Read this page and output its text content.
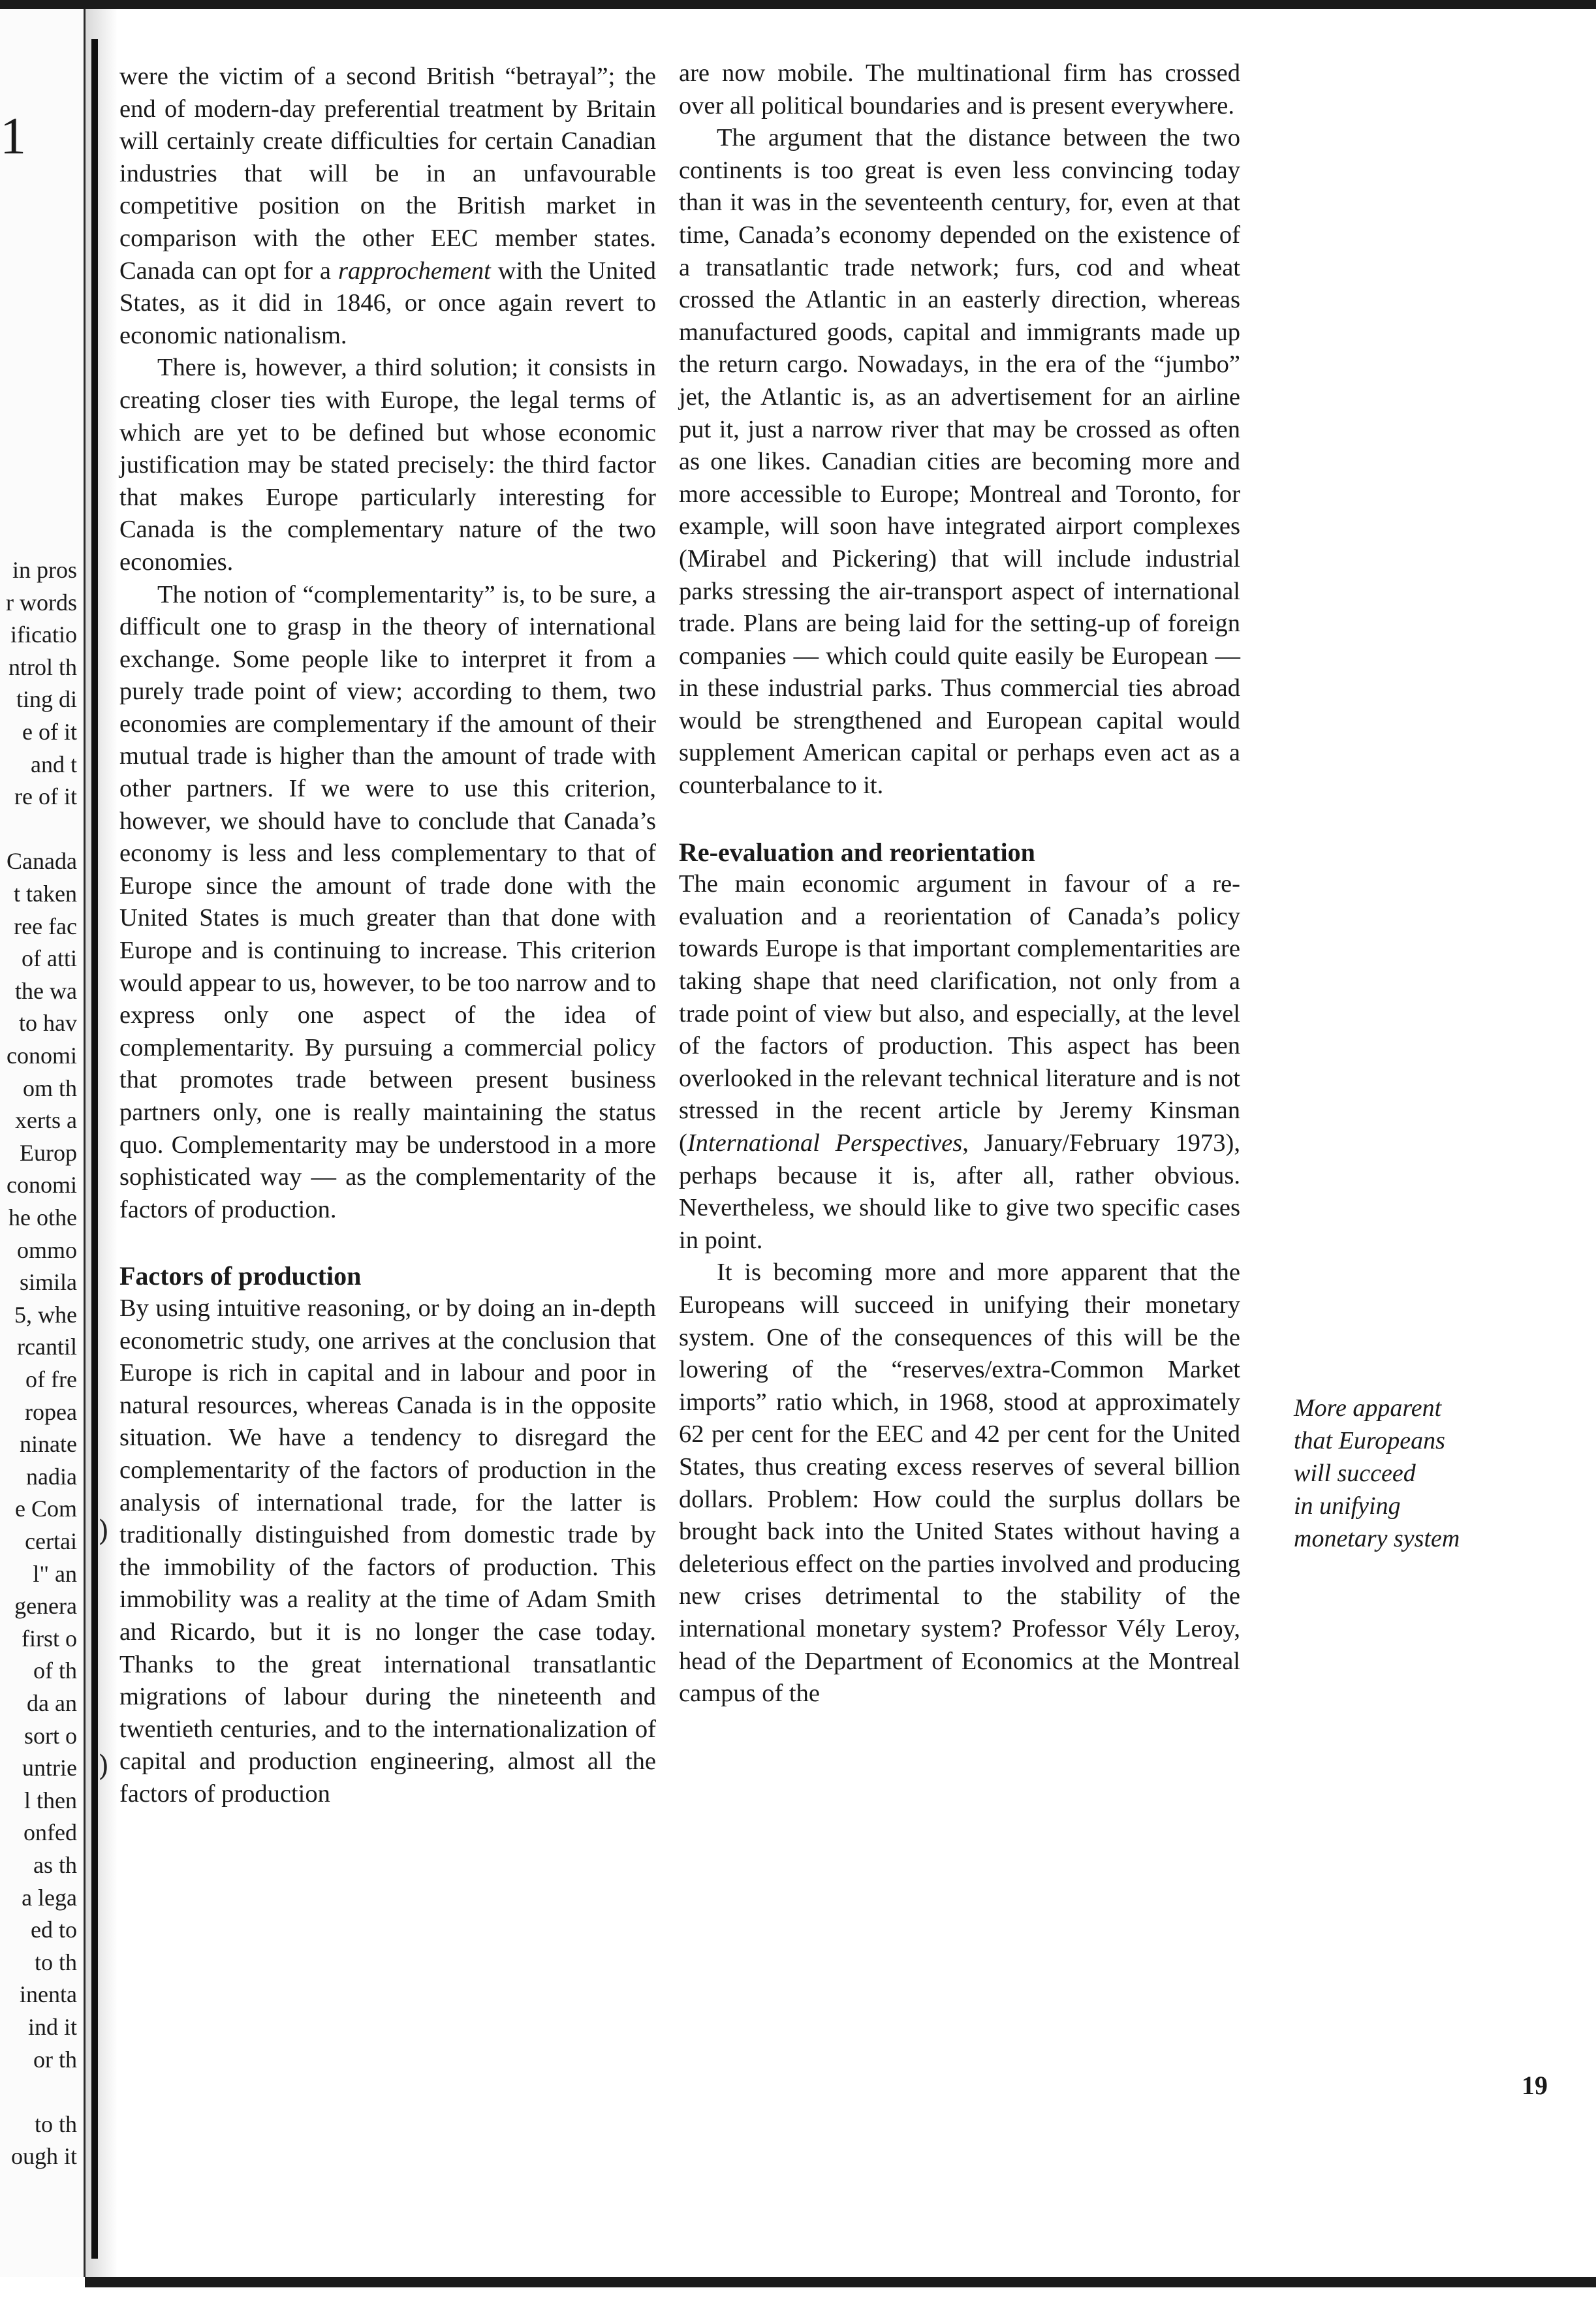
1
in pros
r words
ificatio
ntrol th
ting di
e of it
and t
re of it
Canada
t taken
ree fac
of atti
the wa
to hav
conomi
om th
xerts a
Europ
conomi
he othe
ommo
simila
5, whe
rcantil
of fre
ropea
ninate
nadia
e Com
certai
l" an
genera
first o
of th
da an
sort o
untrie
l then
onfed
as th
a lega
ed to
to th
inenta
ind it
or th
to th
ough it

were the victim of a second British “betrayal”; the end of modern-day preferential treatment by Britain will certainly create difficulties for certain Canadian industries that will be in an unfavourable competitive position on the British market in comparison with the other EEC member states. Canada can opt for a rapprochement with the United States, as it did in 1846, or once again revert to economic nationalism.

There is, however, a third solution; it consists in creating closer ties with Europe, the legal terms of which are yet to be defined but whose economic justification may be stated precisely: the third factor that makes Europe particularly interesting for Canada is the complementary nature of the two economies.

The notion of “complementarity” is, to be sure, a difficult one to grasp in the theory of international exchange. Some people like to interpret it from a purely trade point of view; according to them, two economies are complementary if the amount of their mutual trade is higher than the amount of trade with other partners. If we were to use this criterion, however, we should have to conclude that Canada’s economy is less and less complementary to that of Europe since the amount of trade done with the United States is much greater than that done with Europe and is continuing to increase. This criterion would appear to us, however, to be too narrow and to express only one aspect of the idea of complementarity. By pursuing a commercial policy that promotes trade between present business partners only, one is really maintaining the status quo. Complementarity may be understood in a more sophisticated way — as the complementarity of the factors of production.

Factors of production

By using intuitive reasoning, or by doing an in-depth econometric study, one arrives at the conclusion that Europe is rich in capital and in labour and poor in natural resources, whereas Canada is in the opposite situation. We have a tendency to disregard the complementarity of the factors of production in the analysis of international trade, for the latter is traditionally distinguished from domestic trade by the immobility of the factors of production. This immobility was a reality at the time of Adam Smith and Ricardo, but it is no longer the case today. Thanks to the great international transatlantic migrations of labour during the nineteenth and twentieth centuries, and to the internationalization of capital and production engineering, almost all the factors of production

are now mobile. The multinational firm has crossed over all political boundaries and is present everywhere.

The argument that the distance between the two continents is too great is even less convincing today than it was in the seventeenth century, for, even at that time, Canada’s economy depended on the existence of a transatlantic trade network; furs, cod and wheat crossed the Atlantic in an easterly direction, whereas manufactured goods, capital and immigrants made up the return cargo. Nowadays, in the era of the “jumbo” jet, the Atlantic is, as an advertisement for an airline put it, just a narrow river that may be crossed as often as one likes. Canadian cities are becoming more and more accessible to Europe; Montreal and Toronto, for example, will soon have integrated airport complexes (Mirabel and Pickering) that will include industrial parks stressing the air-transport aspect of international trade. Plans are being laid for the setting-up of foreign companies — which could quite easily be European — in these industrial parks. Thus commercial ties abroad would be strengthened and European capital would supplement American capital or perhaps even act as a counterbalance to it.

Re-evaluation and reorientation

The main economic argument in favour of a re-evaluation and a reorientation of Canada’s policy towards Europe is that important complementarities are taking shape that need clarification, not only from a trade point of view but also, and especially, at the level of the factors of production. This aspect has been overlooked in the relevant technical literature and is not stressed in the recent article by Jeremy Kinsman (International Perspectives, January/February 1973), perhaps because it is, after all, rather obvious. Nevertheless, we should like to give two specific cases in point.

It is becoming more and more apparent that the Europeans will succeed in unifying their monetary system. One of the consequences of this will be the lowering of the “reserves/extra-Common Market imports” ratio which, in 1968, stood at approximately 62 per cent for the EEC and 42 per cent for the United States, thus creating excess reserves of several billion dollars. Problem: How could the surplus dollars be brought back into the United States without having a deleterious effect on the parties involved and producing new crises detrimental to the stability of the international monetary system? Professor Vély Leroy, head of the Department of Economics at the Montreal campus of the

More apparent
that Europeans
will succeed
in unifying
monetary system
19
)
)
